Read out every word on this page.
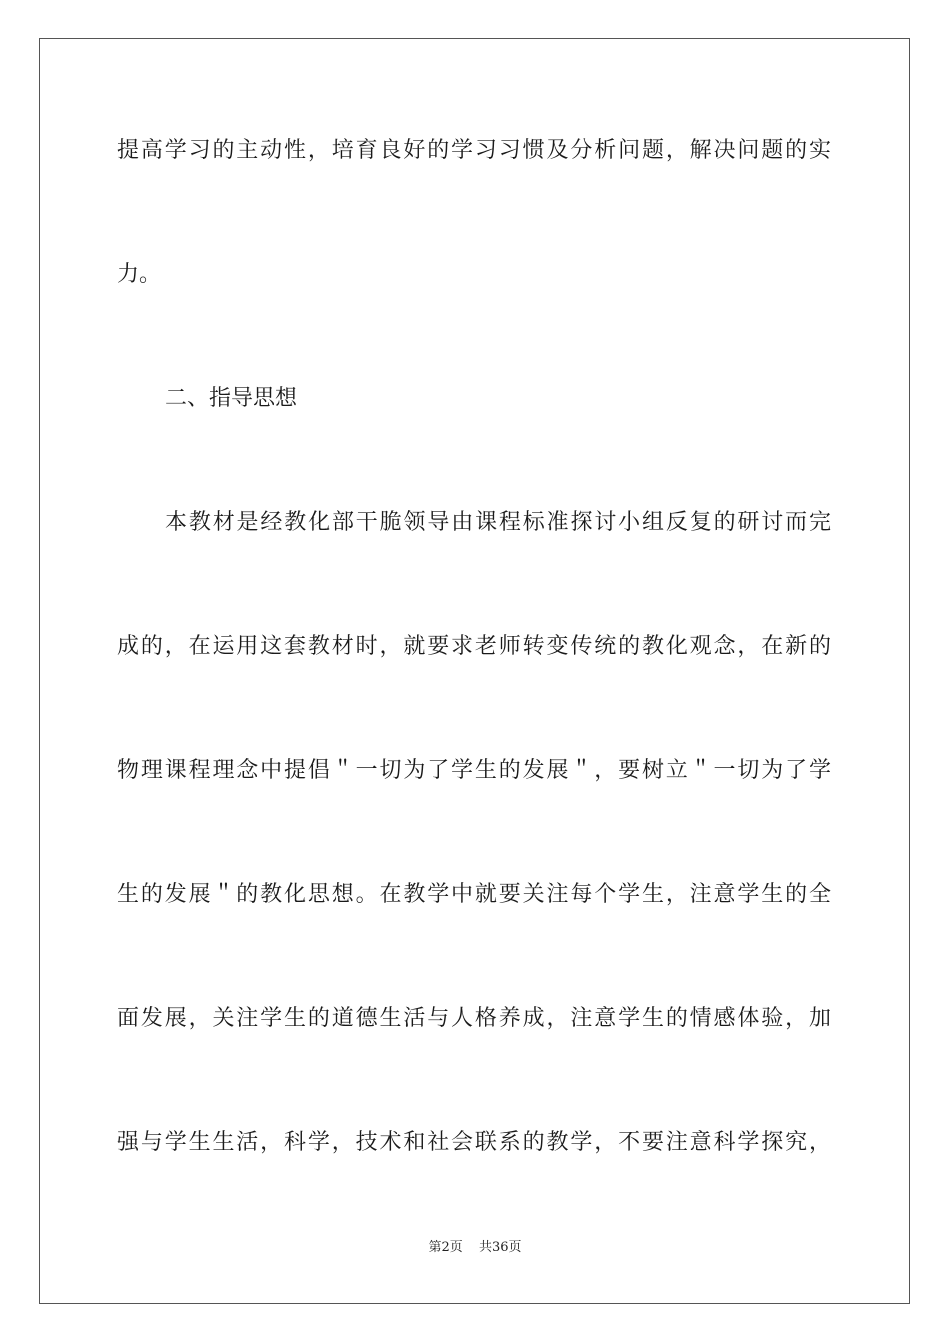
提高学习的主动性，培育良好的学习习惯及分析问题，解决问题的实
力。
二、指导思想
本教材是经教化部干脆领导由课程标准探讨小组反复的研讨而完
成的，在运用这套教材时，就要求老师转变传统的教化观念，在新的
物理课程理念中提倡＂一切为了学生的发展＂，要树立＂一切为了学
生的发展＂的教化思想。在教学中就要关注每个学生，注意学生的全
面发展，关注学生的道德生活与人格养成，注意学生的情感体验，加
强与学生生活，科学，技术和社会联系的教学，不要注意科学探究，
第2页 共36页
